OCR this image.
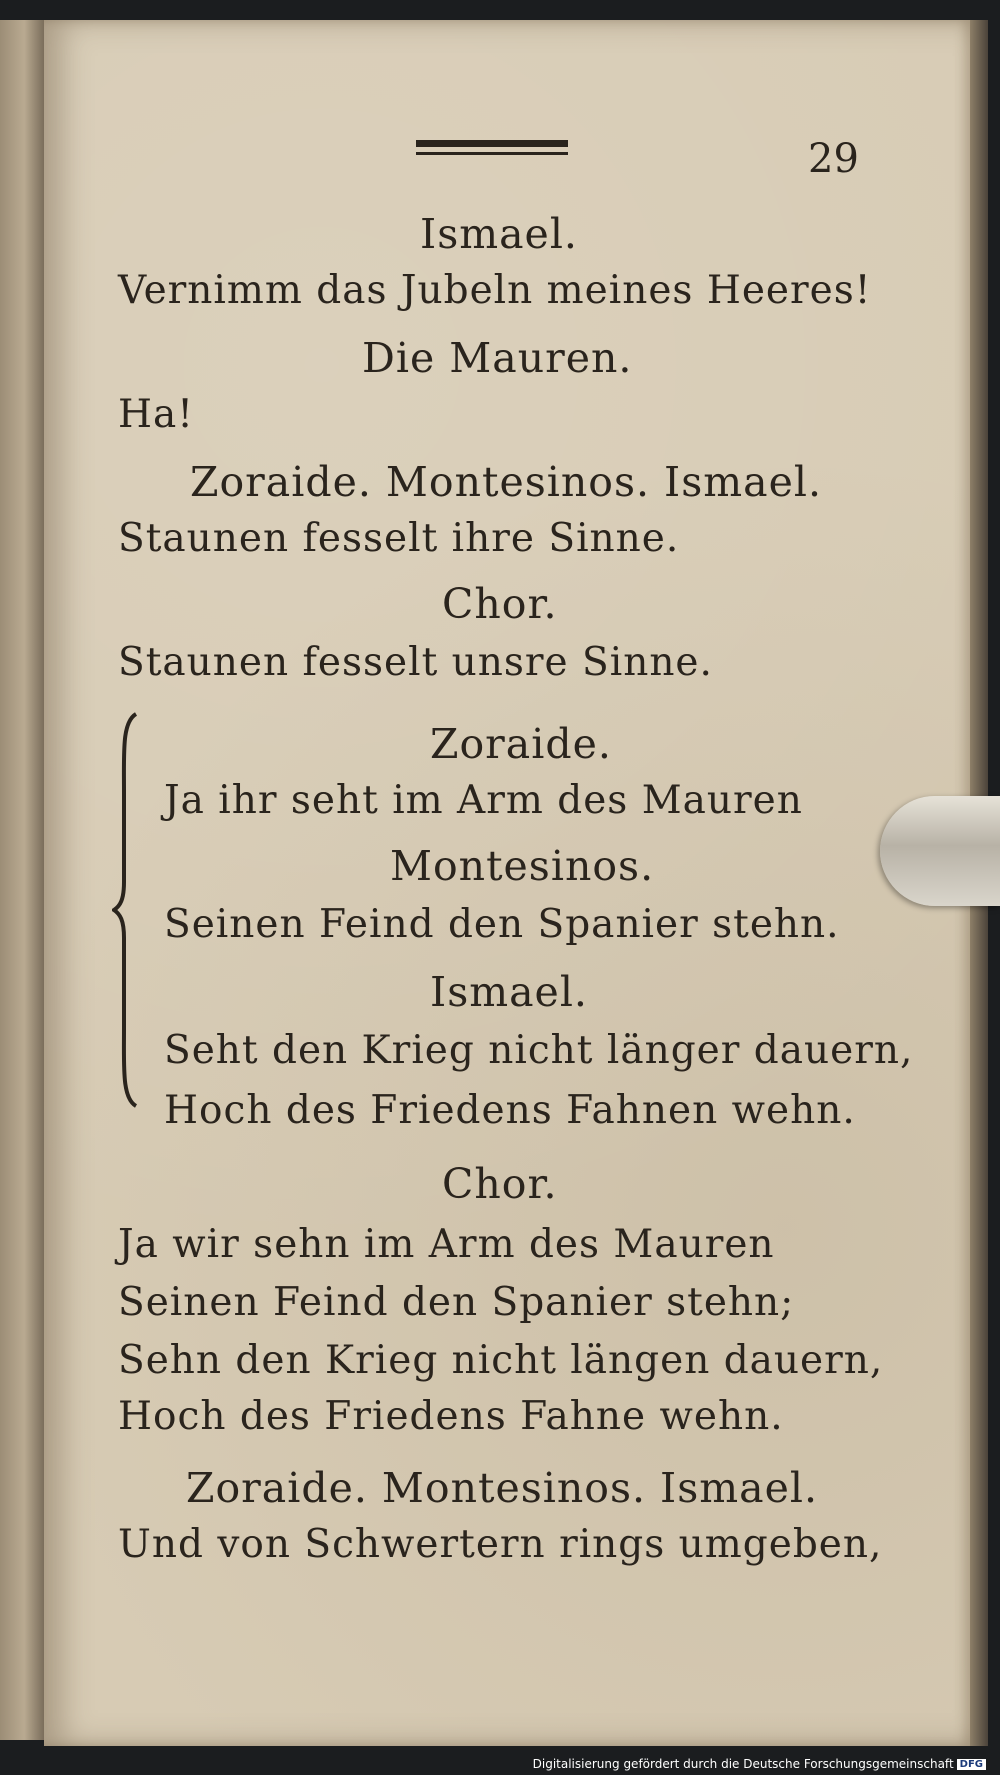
29
Ismael.
Vernimm das Jubeln meines Heeres!
Die Mauren.
Ha!
Zoraide. Montesinos. Ismael.
Staunen fesselt ihre Sinne.
Chor.
Staunen fesselt unsre Sinne.
Zoraide.
Ja ihr seht im Arm des Mauren
Montesinos.
Seinen Feind den Spanier stehn.
Ismael.
Seht den Krieg nicht länger dauern,
Hoch des Friedens Fahnen wehn.
Chor.
Ja wir sehn im Arm des Mauren
Seinen Feind den Spanier stehn;
Sehn den Krieg nicht längen dauern,
Hoch des Friedens Fahne wehn.
Zoraide. Montesinos. Ismael.
Und von Schwertern rings umgeben,
Digitalisierung gefördert durch die Deutsche Forschungsgemeinschaft DFG
